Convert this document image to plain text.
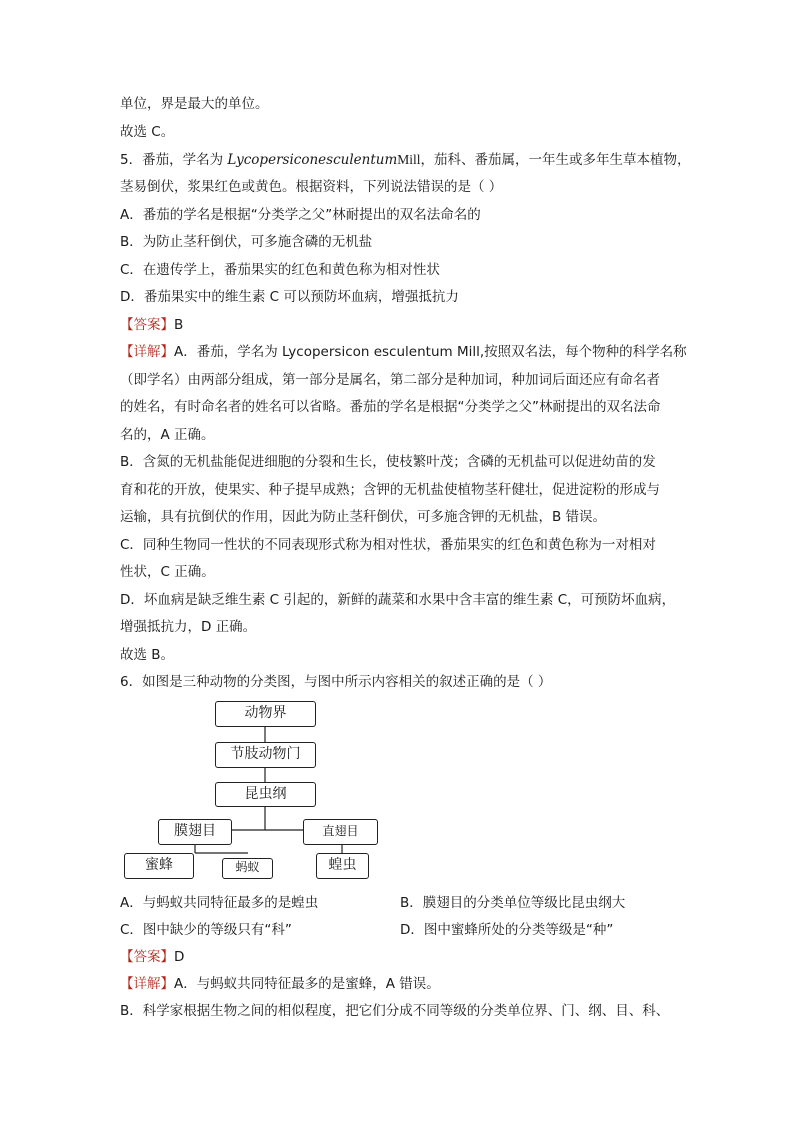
单位，界是最大的单位。
故选 C。
5．番茄，学名为 LycopersiconesculentumMill，茄科、番茄属，一年生或多年生草本植物，
茎易倒伏，浆果红色或黄色。根据资料，下列说法错误的是（ ）
A．番茄的学名是根据“分类学之父”林耐提出的双名法命名的
B．为防止茎秆倒伏，可多施含磷的无机盐
C．在遗传学上，番茄果实的红色和黄色称为相对性状
D．番茄果实中的维生素 C 可以预防坏血病，增强抵抗力
【答案】B
【详解】A．番茄，学名为 Lycopersicon esculentum Mill,按照双名法，每个物种的科学名称
（即学名）由两部分组成，第一部分是属名，第二部分是种加词，种加词后面还应有命名者
的姓名，有时命名者的姓名可以省略。番茄的学名是根据“分类学之父”林耐提出的双名法命
名的，A 正确。
B．含氮的无机盐能促进细胞的分裂和生长，使枝繁叶茂；含磷的无机盐可以促进幼苗的发
育和花的开放，使果实、种子提早成熟；含钾的无机盐使植物茎秆健壮，促进淀粉的形成与
运输，具有抗倒伏的作用，因此为防止茎秆倒伏，可多施含钾的无机盐，B 错误。
C．同种生物同一性状的不同表现形式称为相对性状，番茄果实的红色和黄色称为一对相对
性状，C 正确。
D．坏血病是缺乏维生素 C 引起的，新鲜的蔬菜和水果中含丰富的维生素 C，可预防坏血病，
增强抵抗力，D 正确。
故选 B。
6．如图是三种动物的分类图，与图中所示内容相关的叙述正确的是（ ）
动物界
节肢动物门
昆虫纲
膜翅目	直翅目
蜜蜂	蚂蚁	蝗虫
A．与蚂蚁共同特征最多的是蝗虫	B．膜翅目的分类单位等级比昆虫纲大
C．图中缺少的等级只有“科”	D．图中蜜蜂所处的分类等级是“种”
【答案】D
【详解】A．与蚂蚁共同特征最多的是蜜蜂，A 错误。
B．科学家根据生物之间的相似程度，把它们分成不同等级的分类单位界、门、纲、目、科、
